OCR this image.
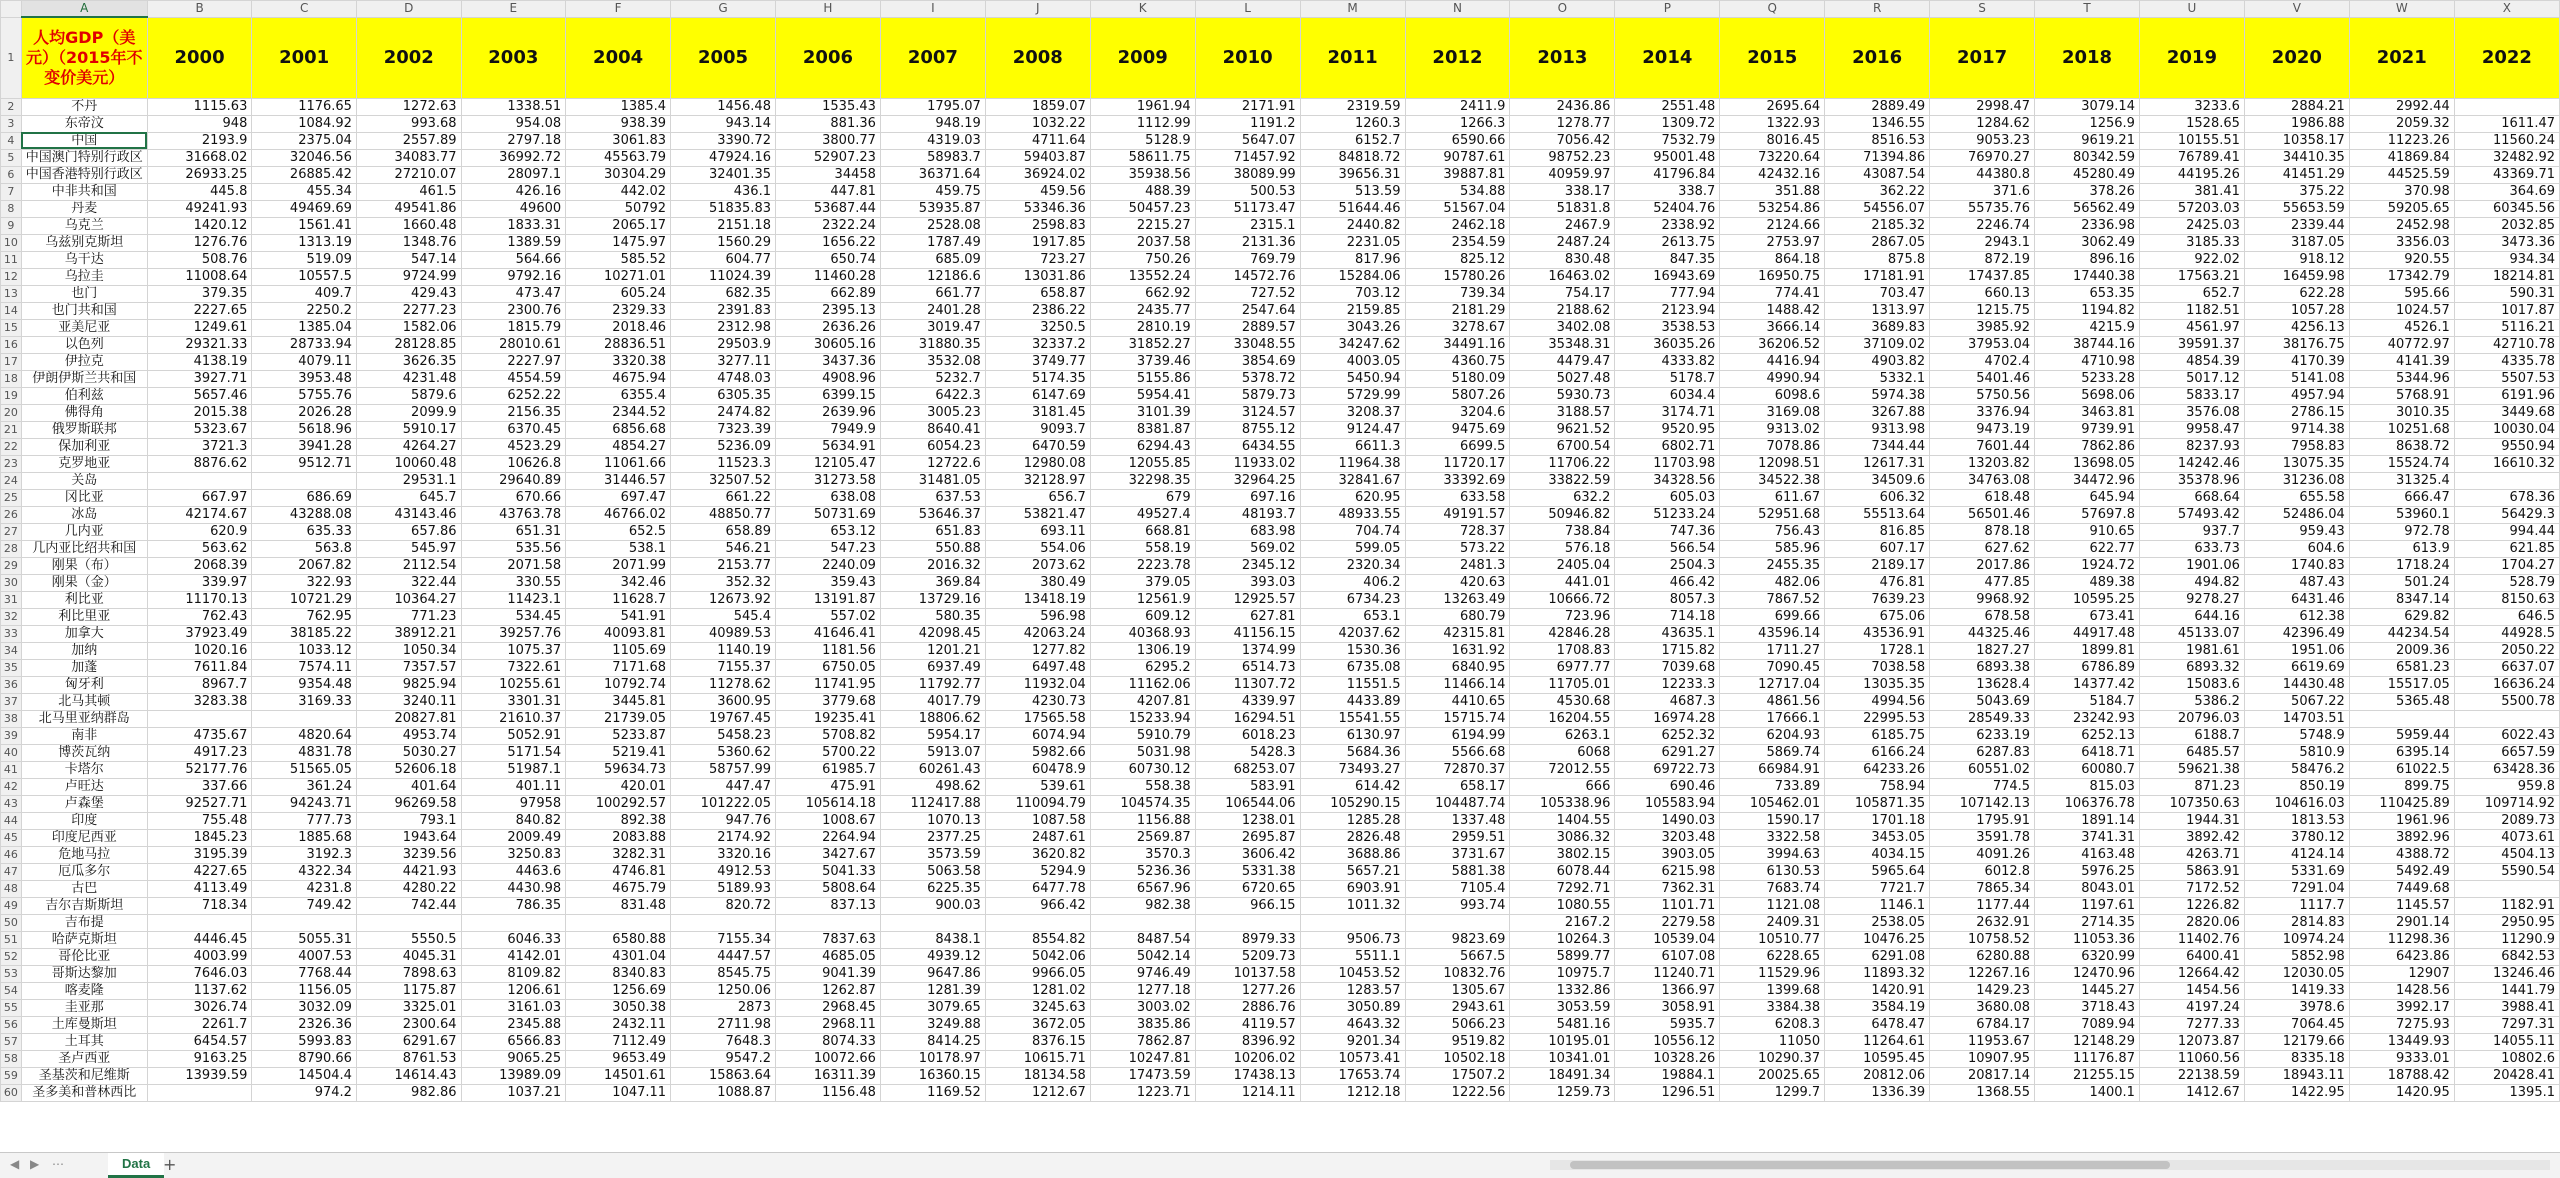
	A	B	C	D	E	F	G	H	I	J	K	L	M	N	O	P	Q	R	S	T	U	V	W	X
1	人均GDP（美元）（2015年不变价美元）	2000	2001	2002	2003	2004	2005	2006	2007	2008	2009	2010	2011	2012	2013	2014	2015	2016	2017	2018	2019	2020	2021	2022
2	不丹	1115.63	1176.65	1272.63	1338.51	1385.4	1456.48	1535.43	1795.07	1859.07	1961.94	2171.91	2319.59	2411.9	2436.86	2551.48	2695.64	2889.49	2998.47	3079.14	3233.6	2884.21	2992.44	
3	东帝汶	948	1084.92	993.68	954.08	938.39	943.14	881.36	948.19	1032.22	1112.99	1191.2	1260.3	1266.3	1278.77	1309.72	1322.93	1346.55	1284.62	1256.9	1528.65	1986.88	2059.32	1611.47
4	中国	2193.9	2375.04	2557.89	2797.18	3061.83	3390.72	3800.77	4319.03	4711.64	5128.9	5647.07	6152.7	6590.66	7056.42	7532.79	8016.45	8516.53	9053.23	9619.21	10155.51	10358.17	11223.26	11560.24
5	中国澳门特别行政区	31668.02	32046.56	34083.77	36992.72	45563.79	47924.16	52907.23	58983.7	59403.87	58611.75	71457.92	84818.72	90787.61	98752.23	95001.48	73220.64	71394.86	76970.27	80342.59	76789.41	34410.35	41869.84	32482.92
6	中国香港特别行政区	26933.25	26885.42	27210.07	28097.1	30304.29	32401.35	34458	36371.64	36924.02	35938.56	38089.99	39656.31	39887.81	40959.97	41796.84	42432.16	43087.54	44380.8	45280.49	44195.26	41451.29	44525.59	43369.71
7	中非共和国	445.8	455.34	461.5	426.16	442.02	436.1	447.81	459.75	459.56	488.39	500.53	513.59	534.88	338.17	338.7	351.88	362.22	371.6	378.26	381.41	375.22	370.98	364.69
8	丹麦	49241.93	49469.69	49541.86	49600	50792	51835.83	53687.44	53935.87	53346.36	50457.23	51173.47	51644.46	51567.04	51831.8	52404.76	53254.86	54556.07	55735.76	56562.49	57203.03	55653.59	59205.65	60345.56
9	乌克兰	1420.12	1561.41	1660.48	1833.31	2065.17	2151.18	2322.24	2528.08	2598.83	2215.27	2315.1	2440.82	2462.18	2467.9	2338.92	2124.66	2185.32	2246.74	2336.98	2425.03	2339.44	2452.98	2032.85
10	乌兹别克斯坦	1276.76	1313.19	1348.76	1389.59	1475.97	1560.29	1656.22	1787.49	1917.85	2037.58	2131.36	2231.05	2354.59	2487.24	2613.75	2753.97	2867.05	2943.1	3062.49	3185.33	3187.05	3356.03	3473.36
11	乌干达	508.76	519.09	547.14	564.66	585.52	604.77	650.74	685.09	723.27	750.26	769.79	817.96	825.12	830.48	847.35	864.18	875.8	872.19	896.16	922.02	918.12	920.55	934.34
12	乌拉圭	11008.64	10557.5	9724.99	9792.16	10271.01	11024.39	11460.28	12186.6	13031.86	13552.24	14572.76	15284.06	15780.26	16463.02	16943.69	16950.75	17181.91	17437.85	17440.38	17563.21	16459.98	17342.79	18214.81
13	也门	379.35	409.7	429.43	473.47	605.24	682.35	662.89	661.77	658.87	662.92	727.52	703.12	739.34	754.17	777.94	774.41	703.47	660.13	653.35	652.7	622.28	595.66	590.31
14	也门共和国	2227.65	2250.2	2277.23	2300.76	2329.33	2391.83	2395.13	2401.28	2386.22	2435.77	2547.64	2159.85	2181.29	2188.62	2123.94	1488.42	1313.97	1215.75	1194.82	1182.51	1057.28	1024.57	1017.87
15	亚美尼亚	1249.61	1385.04	1582.06	1815.79	2018.46	2312.98	2636.26	3019.47	3250.5	2810.19	2889.57	3043.26	3278.67	3402.08	3538.53	3666.14	3689.83	3985.92	4215.9	4561.97	4256.13	4526.1	5116.21
16	以色列	29321.33	28733.94	28128.85	28010.61	28836.51	29503.9	30605.16	31880.35	32337.2	31852.27	33048.55	34247.62	34491.16	35348.31	36035.26	36206.52	37109.02	37953.04	38744.16	39591.37	38176.75	40772.97	42710.78
17	伊拉克	4138.19	4079.11	3626.35	2227.97	3320.38	3277.11	3437.36	3532.08	3749.77	3739.46	3854.69	4003.05	4360.75	4479.47	4333.82	4416.94	4903.82	4702.4	4710.98	4854.39	4170.39	4141.39	4335.78
18	伊朗伊斯兰共和国	3927.71	3953.48	4231.48	4554.59	4675.94	4748.03	4908.96	5232.7	5174.35	5155.86	5378.72	5450.94	5180.09	5027.48	5178.7	4990.94	5332.1	5401.46	5233.28	5017.12	5141.08	5344.96	5507.53
19	伯利兹	5657.46	5755.76	5879.6	6252.22	6355.4	6305.35	6399.15	6422.3	6147.69	5954.41	5879.73	5729.99	5807.26	5930.73	6034.4	6098.6	5974.38	5750.56	5698.06	5833.17	4957.94	5768.91	6191.96
20	佛得角	2015.38	2026.28	2099.9	2156.35	2344.52	2474.82	2639.96	3005.23	3181.45	3101.39	3124.57	3208.37	3204.6	3188.57	3174.71	3169.08	3267.88	3376.94	3463.81	3576.08	2786.15	3010.35	3449.68
21	俄罗斯联邦	5323.67	5618.96	5910.17	6370.45	6856.68	7323.39	7949.9	8640.41	9093.7	8381.87	8755.12	9124.47	9475.69	9621.52	9520.95	9313.02	9313.98	9473.19	9739.91	9958.47	9714.38	10251.68	10030.04
22	保加利亚	3721.3	3941.28	4264.27	4523.29	4854.27	5236.09	5634.91	6054.23	6470.59	6294.43	6434.55	6611.3	6699.5	6700.54	6802.71	7078.86	7344.44	7601.44	7862.86	8237.93	7958.83	8638.72	9550.94
23	克罗地亚	8876.62	9512.71	10060.48	10626.8	11061.66	11523.3	12105.47	12722.6	12980.08	12055.85	11933.02	11964.38	11720.17	11706.22	11703.98	12098.51	12617.31	13203.82	13698.05	14242.46	13075.35	15524.74	16610.32
24	关岛			29531.1	29640.89	31446.57	32507.52	31273.58	31481.05	32128.97	32298.35	32964.25	32841.67	33392.69	33822.59	34328.56	34522.38	34509.6	34763.08	34472.96	35378.96	31236.08	31325.4	
25	冈比亚	667.97	686.69	645.7	670.66	697.47	661.22	638.08	637.53	656.7	679	697.16	620.95	633.58	632.2	605.03	611.67	606.32	618.48	645.94	668.64	655.58	666.47	678.36
26	冰岛	42174.67	43288.08	43143.46	43763.78	46766.02	48850.77	50731.69	53646.37	53821.47	49527.4	48193.7	48933.55	49191.57	50946.82	51233.24	52951.68	55513.64	56501.46	57697.8	57493.42	52486.04	53960.1	56429.3
27	几内亚	620.9	635.33	657.86	651.31	652.5	658.89	653.12	651.83	693.11	668.81	683.98	704.74	728.37	738.84	747.36	756.43	816.85	878.18	910.65	937.7	959.43	972.78	994.44
28	几内亚比绍共和国	563.62	563.8	545.97	535.56	538.1	546.21	547.23	550.88	554.06	558.19	569.02	599.05	573.22	576.18	566.54	585.96	607.17	627.62	622.77	633.73	604.6	613.9	621.85
29	刚果（布）	2068.39	2067.82	2112.54	2071.58	2071.99	2153.77	2240.09	2016.32	2073.62	2223.78	2345.12	2320.34	2481.3	2405.04	2504.3	2455.35	2189.17	2017.86	1924.72	1901.06	1740.83	1718.24	1704.27
30	刚果（金）	339.97	322.93	322.44	330.55	342.46	352.32	359.43	369.84	380.49	379.05	393.03	406.2	420.63	441.01	466.42	482.06	476.81	477.85	489.38	494.82	487.43	501.24	528.79
31	利比亚	11170.13	10721.29	10364.27	11423.1	11628.7	12673.92	13191.87	13729.16	13418.19	12561.9	12925.57	6734.23	13263.49	10666.72	8057.3	7867.52	7639.23	9968.92	10595.25	9278.27	6431.46	8347.14	8150.63
32	利比里亚	762.43	762.95	771.23	534.45	541.91	545.4	557.02	580.35	596.98	609.12	627.81	653.1	680.79	723.96	714.18	699.66	675.06	678.58	673.41	644.16	612.38	629.82	646.5
33	加拿大	37923.49	38185.22	38912.21	39257.76	40093.81	40989.53	41646.41	42098.45	42063.24	40368.93	41156.15	42037.62	42315.81	42846.28	43635.1	43596.14	43536.91	44325.46	44917.48	45133.07	42396.49	44234.54	44928.5
34	加纳	1020.16	1033.12	1050.34	1075.37	1105.69	1140.19	1181.56	1201.21	1277.82	1306.19	1374.99	1530.36	1631.92	1708.83	1715.82	1711.27	1728.1	1827.27	1899.81	1981.61	1951.06	2009.36	2050.22
35	加蓬	7611.84	7574.11	7357.57	7322.61	7171.68	7155.37	6750.05	6937.49	6497.48	6295.2	6514.73	6735.08	6840.95	6977.77	7039.68	7090.45	7038.58	6893.38	6786.89	6893.32	6619.69	6581.23	6637.07
36	匈牙利	8967.7	9354.48	9825.94	10255.61	10792.74	11278.62	11741.95	11792.77	11932.04	11162.06	11307.72	11551.5	11466.14	11705.01	12233.3	12717.04	13035.35	13628.4	14377.42	15083.6	14430.48	15517.05	16636.24
37	北马其顿	3283.38	3169.33	3240.11	3301.31	3445.81	3600.95	3779.68	4017.79	4230.73	4207.81	4339.97	4433.89	4410.65	4530.68	4687.3	4861.56	4994.56	5043.69	5184.7	5386.2	5067.22	5365.48	5500.78
38	北马里亚纳群岛			20827.81	21610.37	21739.05	19767.45	19235.41	18806.62	17565.58	15233.94	16294.51	15541.55	15715.74	16204.55	16974.28	17666.1	22995.53	28549.33	23242.93	20796.03	14703.51		
39	南非	4735.67	4820.64	4953.74	5052.91	5233.87	5458.23	5708.82	5954.17	6074.94	5910.79	6018.23	6130.97	6194.99	6263.1	6252.32	6204.93	6185.75	6233.19	6252.13	6188.7	5748.9	5959.44	6022.43
40	博茨瓦纳	4917.23	4831.78	5030.27	5171.54	5219.41	5360.62	5700.22	5913.07	5982.66	5031.98	5428.3	5684.36	5566.68	6068	6291.27	5869.74	6166.24	6287.83	6418.71	6485.57	5810.9	6395.14	6657.59
41	卡塔尔	52177.76	51565.05	52606.18	51987.1	59634.73	58757.99	61985.7	60261.43	60478.9	60730.12	68253.07	73493.27	72870.37	72012.55	69722.73	66984.91	64233.26	60551.02	60080.7	59621.38	58476.2	61022.5	63428.36
42	卢旺达	337.66	361.24	401.64	401.11	420.01	447.47	475.91	498.62	539.61	558.38	583.91	614.42	658.17	666	690.46	733.89	758.94	774.5	815.03	871.23	850.19	899.75	959.8
43	卢森堡	92527.71	94243.71	96269.58	97958	100292.57	101222.05	105614.18	112417.88	110094.79	104574.35	106544.06	105290.15	104487.74	105338.96	105583.94	105462.01	105871.35	107142.13	106376.78	107350.63	104616.03	110425.89	109714.92
44	印度	755.48	777.73	793.1	840.82	892.38	947.76	1008.67	1070.13	1087.58	1156.88	1238.01	1285.28	1337.48	1404.55	1490.03	1590.17	1701.18	1795.91	1891.14	1944.31	1813.53	1961.96	2089.73
45	印度尼西亚	1845.23	1885.68	1943.64	2009.49	2083.88	2174.92	2264.94	2377.25	2487.61	2569.87	2695.87	2826.48	2959.51	3086.32	3203.48	3322.58	3453.05	3591.78	3741.31	3892.42	3780.12	3892.96	4073.61
46	危地马拉	3195.39	3192.3	3239.56	3250.83	3282.31	3320.16	3427.67	3573.59	3620.82	3570.3	3606.42	3688.86	3731.67	3802.15	3903.05	3994.63	4034.15	4091.26	4163.48	4263.71	4124.14	4388.72	4504.13
47	厄瓜多尔	4227.65	4322.34	4421.93	4463.6	4746.81	4912.53	5041.33	5063.58	5294.9	5236.36	5331.38	5657.21	5881.38	6078.44	6215.98	6130.53	5965.64	6012.8	5976.25	5863.91	5331.69	5492.49	5590.54
48	古巴	4113.49	4231.8	4280.22	4430.98	4675.79	5189.93	5808.64	6225.35	6477.78	6567.96	6720.65	6903.91	7105.4	7292.71	7362.31	7683.74	7721.7	7865.34	8043.01	7172.52	7291.04	7449.68	
49	吉尔吉斯斯坦	718.34	749.42	742.44	786.35	831.48	820.72	837.13	900.03	966.42	982.38	966.15	1011.32	993.74	1080.55	1101.71	1121.08	1146.1	1177.44	1197.61	1226.82	1117.7	1145.57	1182.91
50	吉布提														2167.2	2279.58	2409.31	2538.05	2632.91	2714.35	2820.06	2814.83	2901.14	2950.95
51	哈萨克斯坦	4446.45	5055.31	5550.5	6046.33	6580.88	7155.34	7837.63	8438.1	8554.82	8487.54	8979.33	9506.73	9823.69	10264.3	10539.04	10510.77	10476.25	10758.52	11053.36	11402.76	10974.24	11298.36	11290.9
52	哥伦比亚	4003.99	4007.53	4045.31	4142.01	4301.04	4447.57	4685.05	4939.12	5042.06	5042.14	5209.73	5511.1	5667.5	5899.77	6107.08	6228.65	6291.08	6280.88	6320.99	6400.41	5852.98	6423.86	6842.53
53	哥斯达黎加	7646.03	7768.44	7898.63	8109.82	8340.83	8545.75	9041.39	9647.86	9966.05	9746.49	10137.58	10453.52	10832.76	10975.7	11240.71	11529.96	11893.32	12267.16	12470.96	12664.42	12030.05	12907	13246.46
54	喀麦隆	1137.62	1156.05	1175.87	1206.61	1256.69	1250.06	1262.87	1281.39	1281.02	1277.18	1277.26	1283.57	1305.67	1332.86	1366.97	1399.68	1420.91	1429.23	1445.27	1454.56	1419.33	1428.56	1441.79
55	圭亚那	3026.74	3032.09	3325.01	3161.03	3050.38	2873	2968.45	3079.65	3245.63	3003.02	2886.76	3050.89	2943.61	3053.59	3058.91	3384.38	3584.19	3680.08	3718.43	4197.24	3978.6	3992.17	3988.41
56	土库曼斯坦	2261.7	2326.36	2300.64	2345.88	2432.11	2711.98	2968.11	3249.88	3672.05	3835.86	4119.57	4643.32	5066.23	5481.16	5935.7	6208.3	6478.47	6784.17	7089.94	7277.33	7064.45	7275.93	7297.31
57	土耳其	6454.57	5993.83	6291.67	6566.83	7112.49	7648.3	8074.33	8414.25	8376.15	7862.87	8396.92	9201.34	9519.82	10195.01	10556.12	11050	11264.61	11953.67	12148.29	12073.87	12179.66	13449.93	14055.11
58	圣卢西亚	9163.25	8790.66	8761.53	9065.25	9653.49	9547.2	10072.66	10178.97	10615.71	10247.81	10206.02	10573.41	10502.18	10341.01	10328.26	10290.37	10595.45	10907.95	11176.87	11060.56	8335.18	9333.01	10802.6
59	圣基茨和尼维斯	13939.59	14504.4	14614.43	13989.09	14501.61	15863.64	16311.39	16360.15	18134.58	17473.59	17438.13	17653.74	17507.2	18491.34	19884.1	20025.65	20812.06	20817.14	21255.15	22138.59	18943.11	18788.42	20428.41
60	圣多美和普林西比		974.2	982.86	1037.21	1047.11	1088.87	1156.48	1169.52	1212.67	1223.71	1214.11	1212.18	1222.56	1259.73	1296.51	1299.7	1336.39	1368.55	1400.1	1412.67	1422.95	1420.95	1395.1
◀ ▶ ⋯	Data +
